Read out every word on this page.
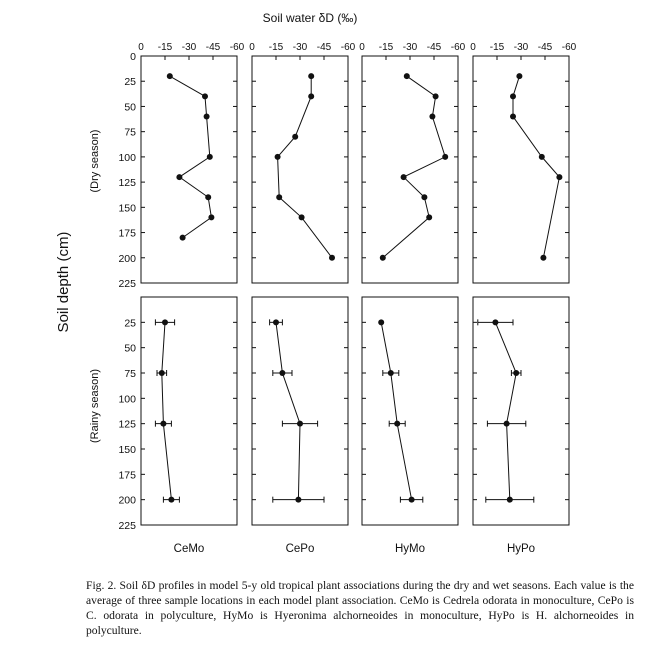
0 -15 -30 -45 -60
0
25
50
75
100
125
150
175
200
225
0 -15 -30 -45 -60 0 -15 -30 -45 -60 0 -15 -30 -45 -60
25
50
75
100
125
150
175
200
225
CeMo	CePo	HyMo	HyPo
Soil water δD (‰)
Soil depth (cm)
(Dry season)
(Rainy season)
Fig. 2. Soil δD profiles in model 5-y old tropical plant associations during the dry and wet seasons. Each value is the average of three sample locations in each model plant association. CeMo is Cedrela odorata in monoculture, CePo is C. odorata in polyculture, HyMo is Hyeronima alchorneoides in monoculture, HyPo is H. alchorneoides in polyculture.
